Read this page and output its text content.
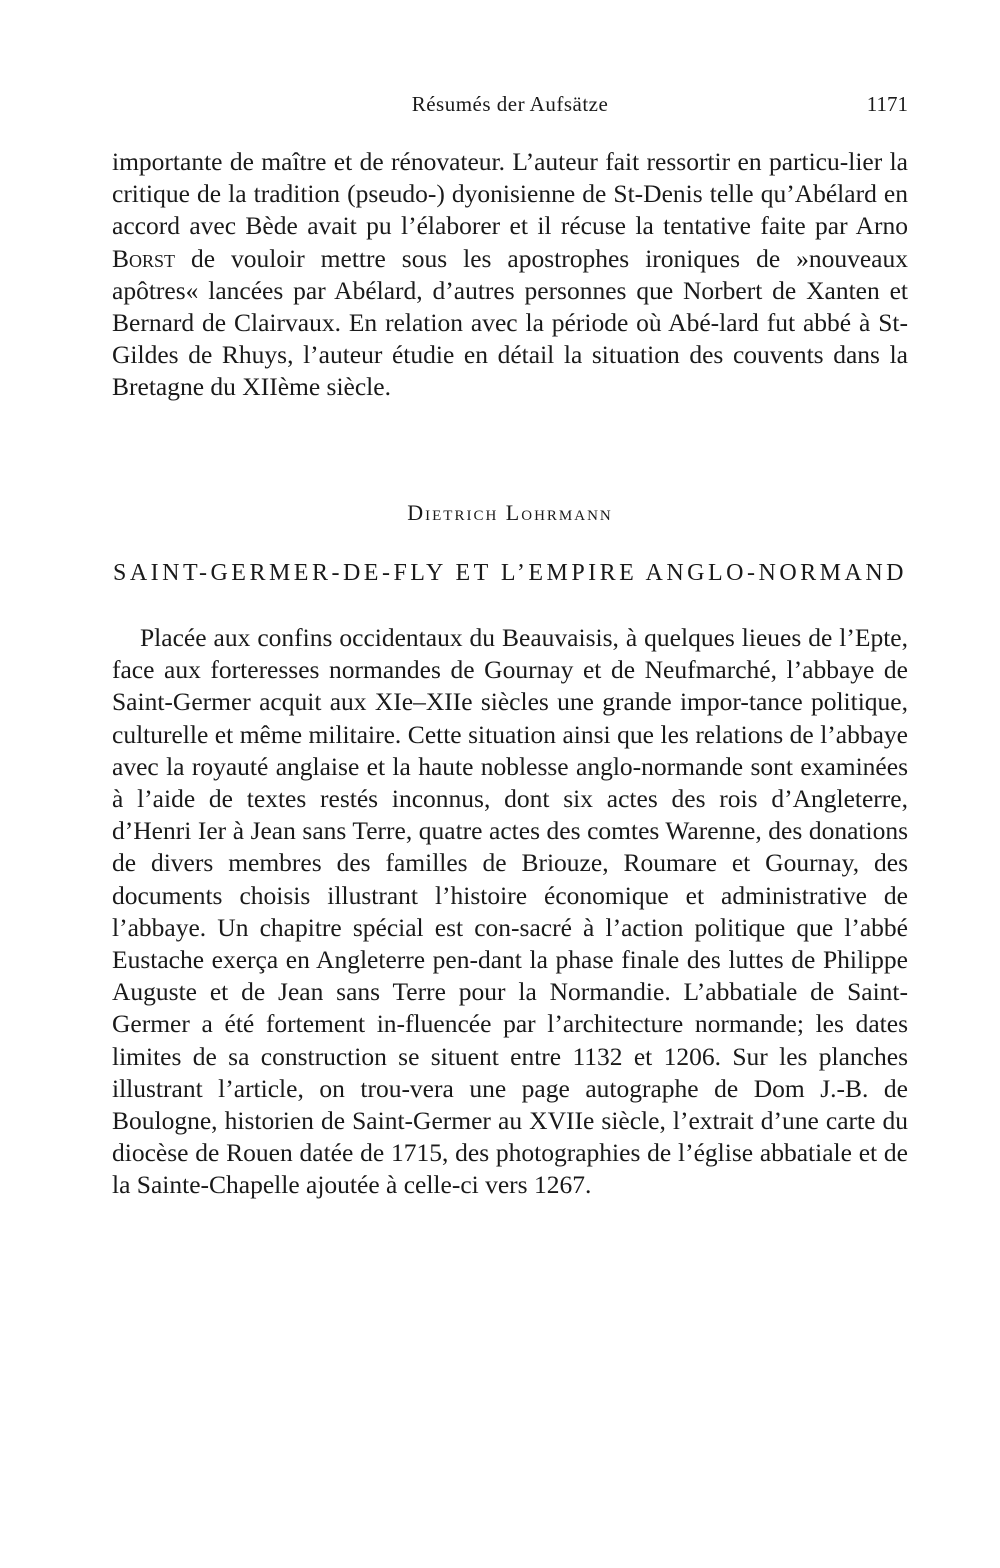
Résumés der Aufsätze	1171

importante de maître et de rénovateur. L’auteur fait ressortir en particu-lier la critique de la tradition (pseudo-) dyonisienne de St-Denis telle qu’Abélard en accord avec Bède avait pu l’élaborer et il récuse la tentative faite par Arno Borst de vouloir mettre sous les apostrophes ironiques de »nouveaux apôtres« lancées par Abélard, d’autres personnes que Norbert de Xanten et Bernard de Clairvaux. En relation avec la période où Abé-lard fut abbé à St-Gildes de Rhuys, l’auteur étudie en détail la situation des couvents dans la Bretagne du XIIème siècle.

Dietrich Lohrmann
SAINT-GERMER-DE-FLY ET L’EMPIRE ANGLO-NORMAND

Placée aux confins occidentaux du Beauvaisis, à quelques lieues de l’Epte, face aux forteresses normandes de Gournay et de Neufmarché, l’abbaye de Saint-Germer acquit aux XIe–XIIe siècles une grande impor-tance politique, culturelle et même militaire. Cette situation ainsi que les relations de l’abbaye avec la royauté anglaise et la haute noblesse anglo-normande sont examinées à l’aide de textes restés inconnus, dont six actes des rois d’Angleterre, d’Henri Ier à Jean sans Terre, quatre actes des comtes Warenne, des donations de divers membres des familles de Briouze, Roumare et Gournay, des documents choisis illustrant l’histoire économique et administrative de l’abbaye. Un chapitre spécial est con-sacré à l’action politique que l’abbé Eustache exerça en Angleterre pen-dant la phase finale des luttes de Philippe Auguste et de Jean sans Terre pour la Normandie. L’abbatiale de Saint-Germer a été fortement in-fluencée par l’architecture normande; les dates limites de sa construction se situent entre 1132 et 1206. Sur les planches illustrant l’article, on trou-vera une page autographe de Dom J.-B. de Boulogne, historien de Saint-Germer au XVIIe siècle, l’extrait d’une carte du diocèse de Rouen datée de 1715, des photographies de l’église abbatiale et de la Sainte-Chapelle ajoutée à celle-ci vers 1267.
